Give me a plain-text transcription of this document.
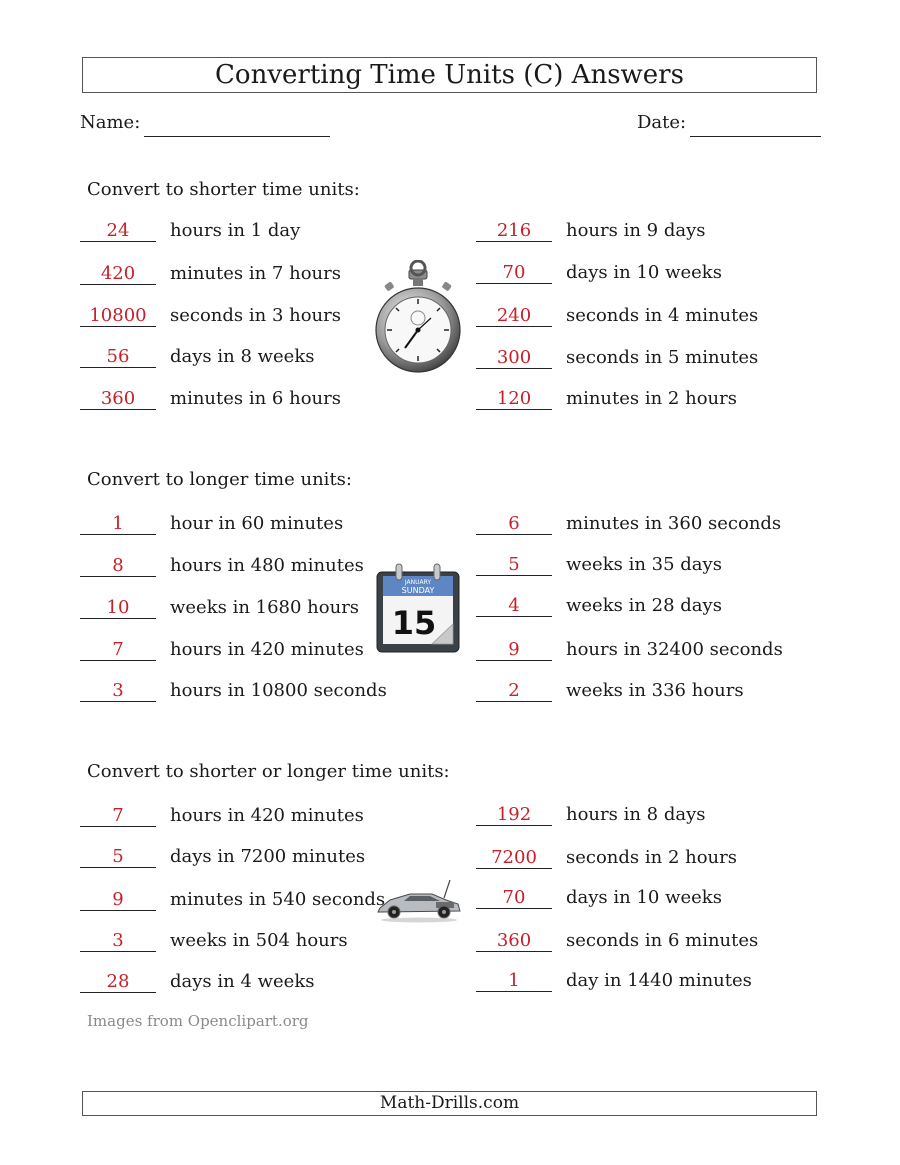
Converting Time Units (C) Answers
Name:	Date:
Convert to shorter time units:
24	hours in 1 day
420	minutes in 7 hours
10800	seconds in 3 hours
56	days in 8 weeks
360	minutes in 6 hours
216	hours in 9 days
70	days in 10 weeks
240	seconds in 4 minutes
300	seconds in 5 minutes
120	minutes in 2 hours
Convert to longer time units:
1	hour in 60 minutes
8	hours in 480 minutes
10	weeks in 1680 hours
7	hours in 420 minutes
3	hours in 10800 seconds
6	minutes in 360 seconds
5	weeks in 35 days
4	weeks in 28 days
9	hours in 32400 seconds
2	weeks in 336 hours
JANUARY
SUNDAY
15
Convert to shorter or longer time units:
7	hours in 420 minutes
5	days in 7200 minutes
9	minutes in 540 seconds
3	weeks in 504 hours
28	days in 4 weeks
192	hours in 8 days
7200	seconds in 2 hours
70	days in 10 weeks
360	seconds in 6 minutes
1	day in 1440 minutes
Images from Openclipart.org
Math-Drills.com
